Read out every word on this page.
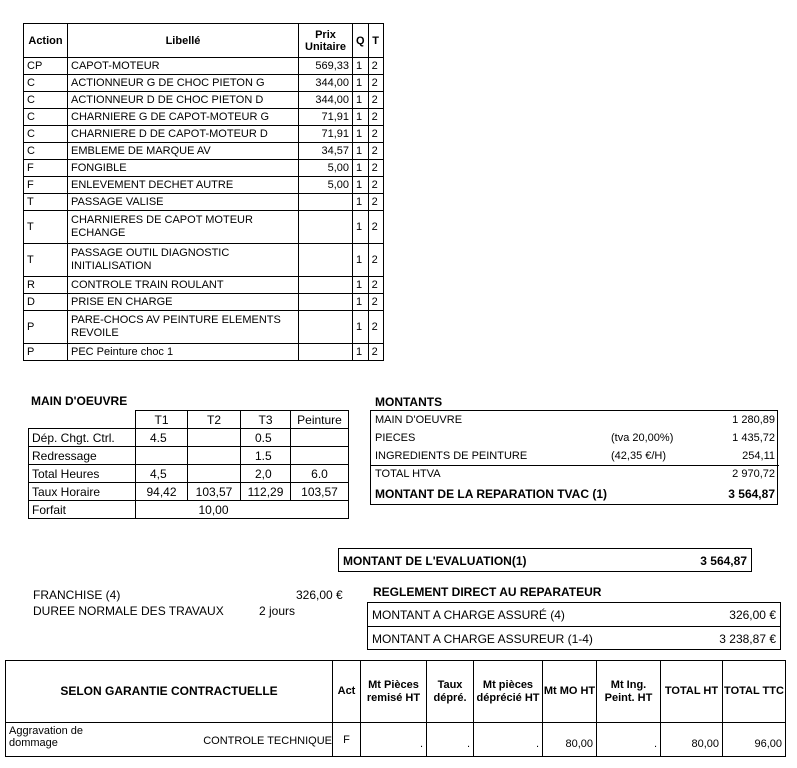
Action	Libellé	Prix Unitaire	Q	T
CP	CAPOT-MOTEUR	569,33	1	2
C	ACTIONNEUR G DE CHOC PIETON G	344,00	1	2
C	ACTIONNEUR D DE CHOC PIETON D	344,00	1	2
C	CHARNIERE G DE CAPOT-MOTEUR G	71,91	1	2
C	CHARNIERE D DE CAPOT-MOTEUR D	71,91	1	2
C	EMBLEME DE MARQUE AV	34,57	1	2
F	FONGIBLE	5,00	1	2
F	ENLEVEMENT DECHET AUTRE	5,00	1	2
T	PASSAGE VALISE		1	2
T	CHARNIERES DE CAPOT MOTEUR ECHANGE		1	2
T	PASSAGE OUTIL DIAGNOSTIC INITIALISATION		1	2
R	CONTROLE TRAIN ROULANT		1	2
D	PRISE EN CHARGE		1	2
P	PARE-CHOCS AV PEINTURE ELEMENTS REVOILE		1	2
P	PEC Peinture choc 1		1	2
MAIN D'OEUVRE
	T1	T2	T3	Peinture
Dép. Chgt. Ctrl.	4.5		0.5	
Redressage			1.5	
Total Heures	4,5		2,0	6.0
Taux Horaire	94,42	103,57	112,29	103,57
Forfait	10,00			
MONTANTS
MAIN D'OEUVRE		1 280,89
PIECES	(tva 20,00%)	1 435,72
INGREDIENTS DE PEINTURE	(42,35 €/H)	254,11
TOTAL HTVA		2 970,72
MONTANT DE LA REPARATION TVAC (1)		3 564,87
MONTANT DE L'EVALUATION(1)	3 564,87
FRANCHISE (4)	326,00 €
DUREE NORMALE DES TRAVAUX	2 jours
REGLEMENT DIRECT AU REPARATEUR
MONTANT A CHARGE ASSURÉ (4)	326,00 €
MONTANT A CHARGE ASSUREUR (1-4)	3 238,87 €
SELON GARANTIE CONTRACTUELLE	Act	Mt Pièces remisé HT	Taux dépré.	Mt pièces déprécié HT	Mt MO HT	Mt Ing. Peint. HT	TOTAL HT	TOTAL TTC

Aggravation de dommage CONTROLE TECHNIQUE	F	.	.	.	80,00	.	80,00	96,00
